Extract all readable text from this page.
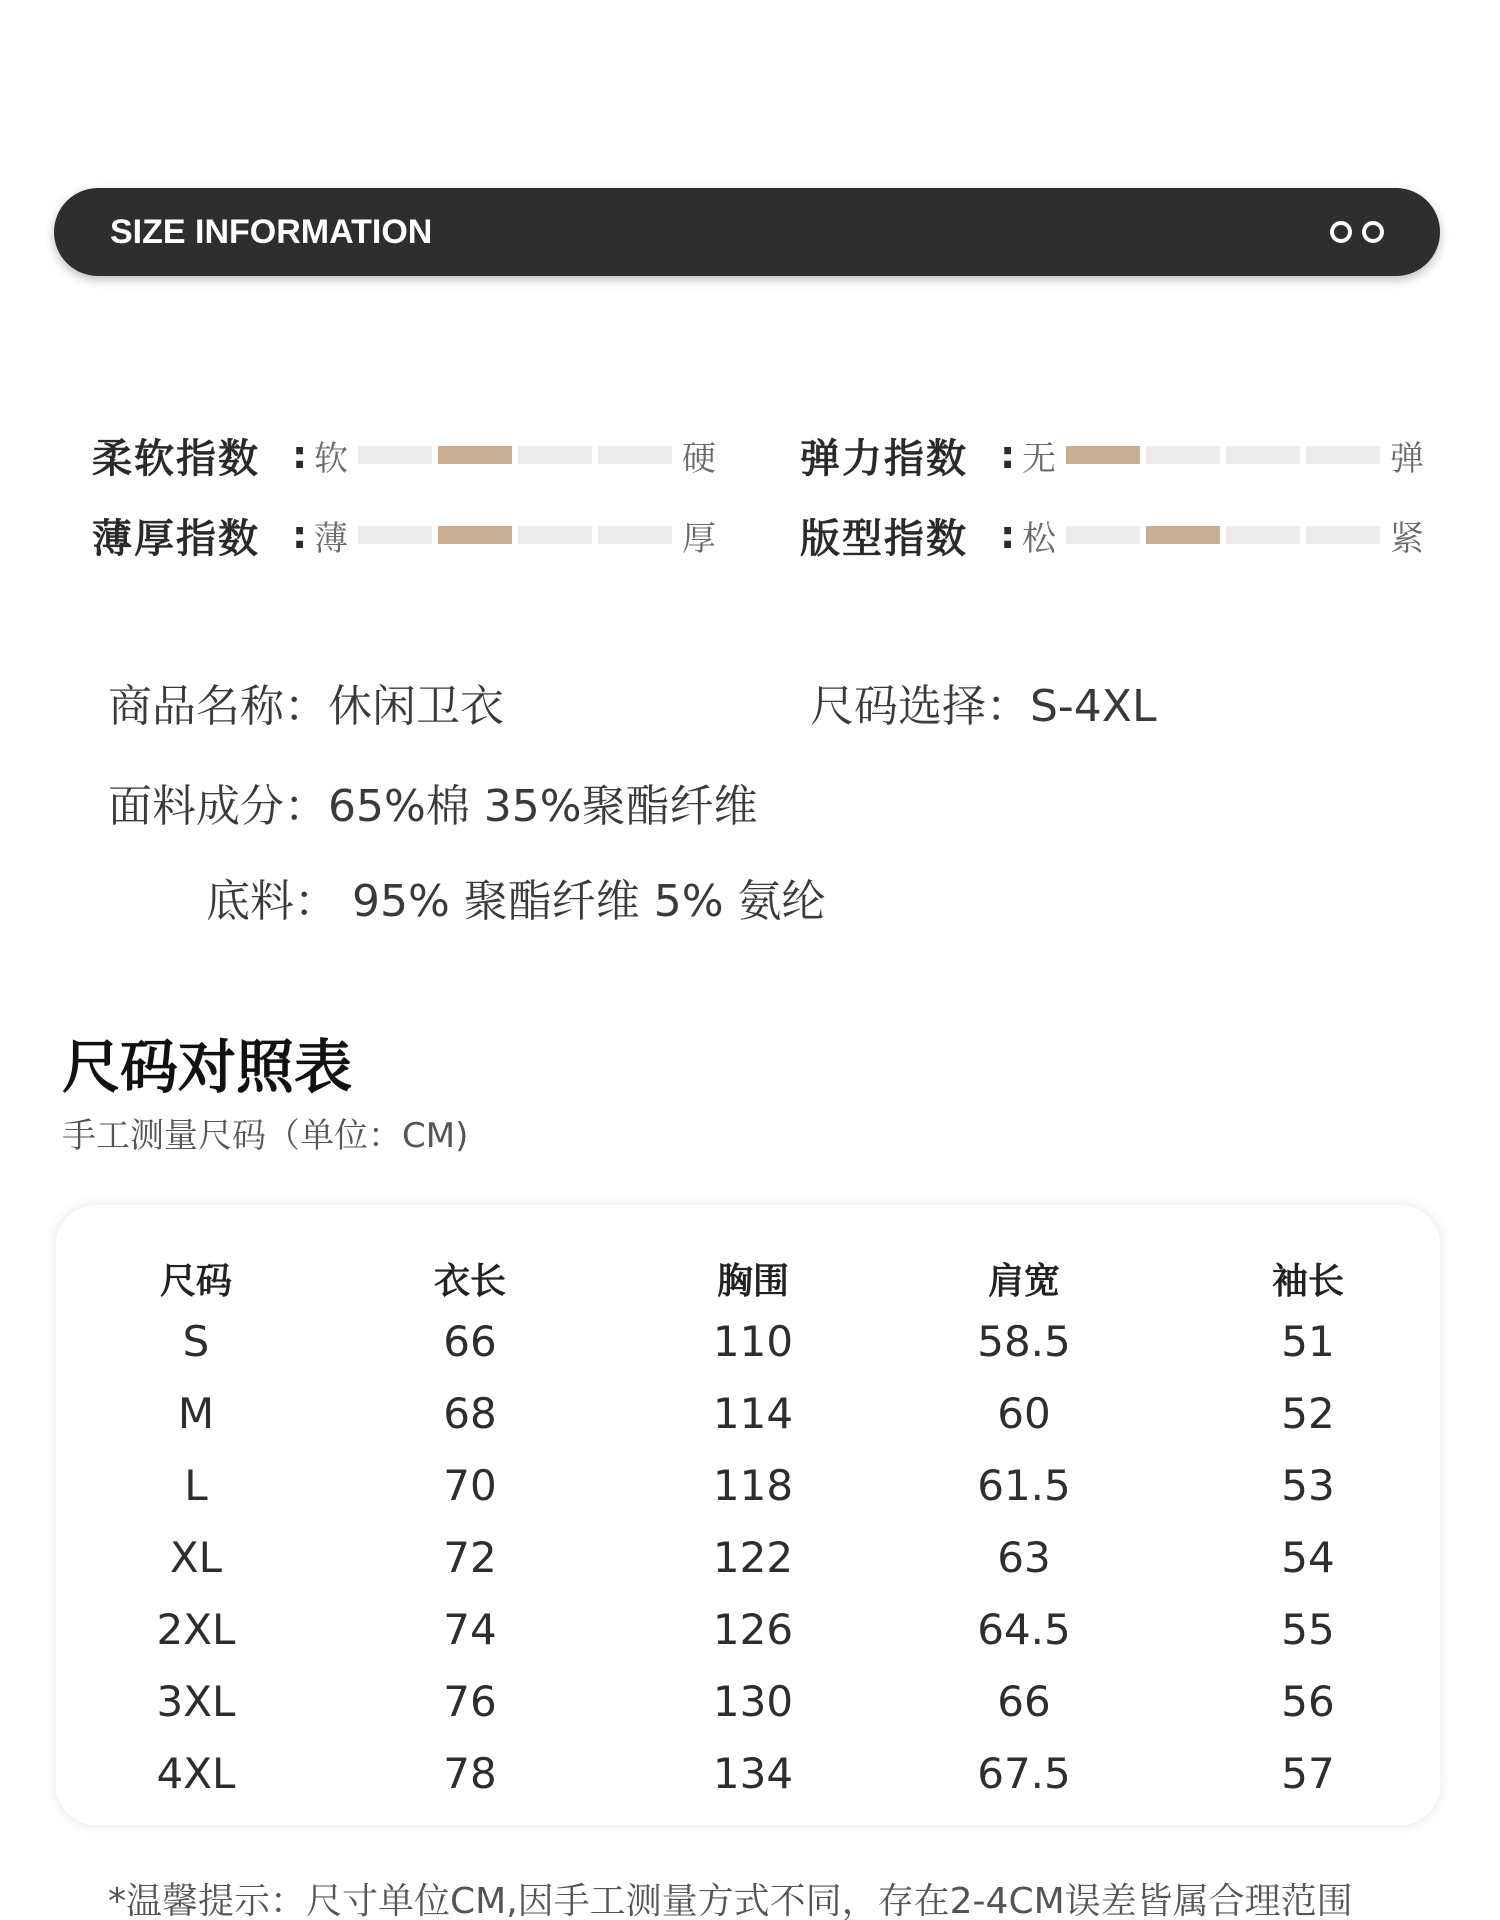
SIZE INFORMATION
柔软指数 : 软	硬 弹力指数 : 无	弹
薄厚指数 : 薄	厚 版型指数 : 松	紧
商品名称：休闲卫衣	尺码选择：S-4XL
面料成分：65%棉 35%聚酯纤维
底料： 95% 聚酯纤维 5% 氨纶
尺码对照表
手工测量尺码（单位：CM)
尺码	衣长	胸围	肩宽	袖长
S	66	110	58.5	51
M	68	114	60	52
L	70	118	61.5	53
XL	72	122	63	54
2XL	74	126	64.5	55
3XL	76	130	66	56
4XL	78	134	67.5	57
*温馨提示：尺寸单位CM,因手工测量方式不同，存在2-4CM误差皆属合理范围
